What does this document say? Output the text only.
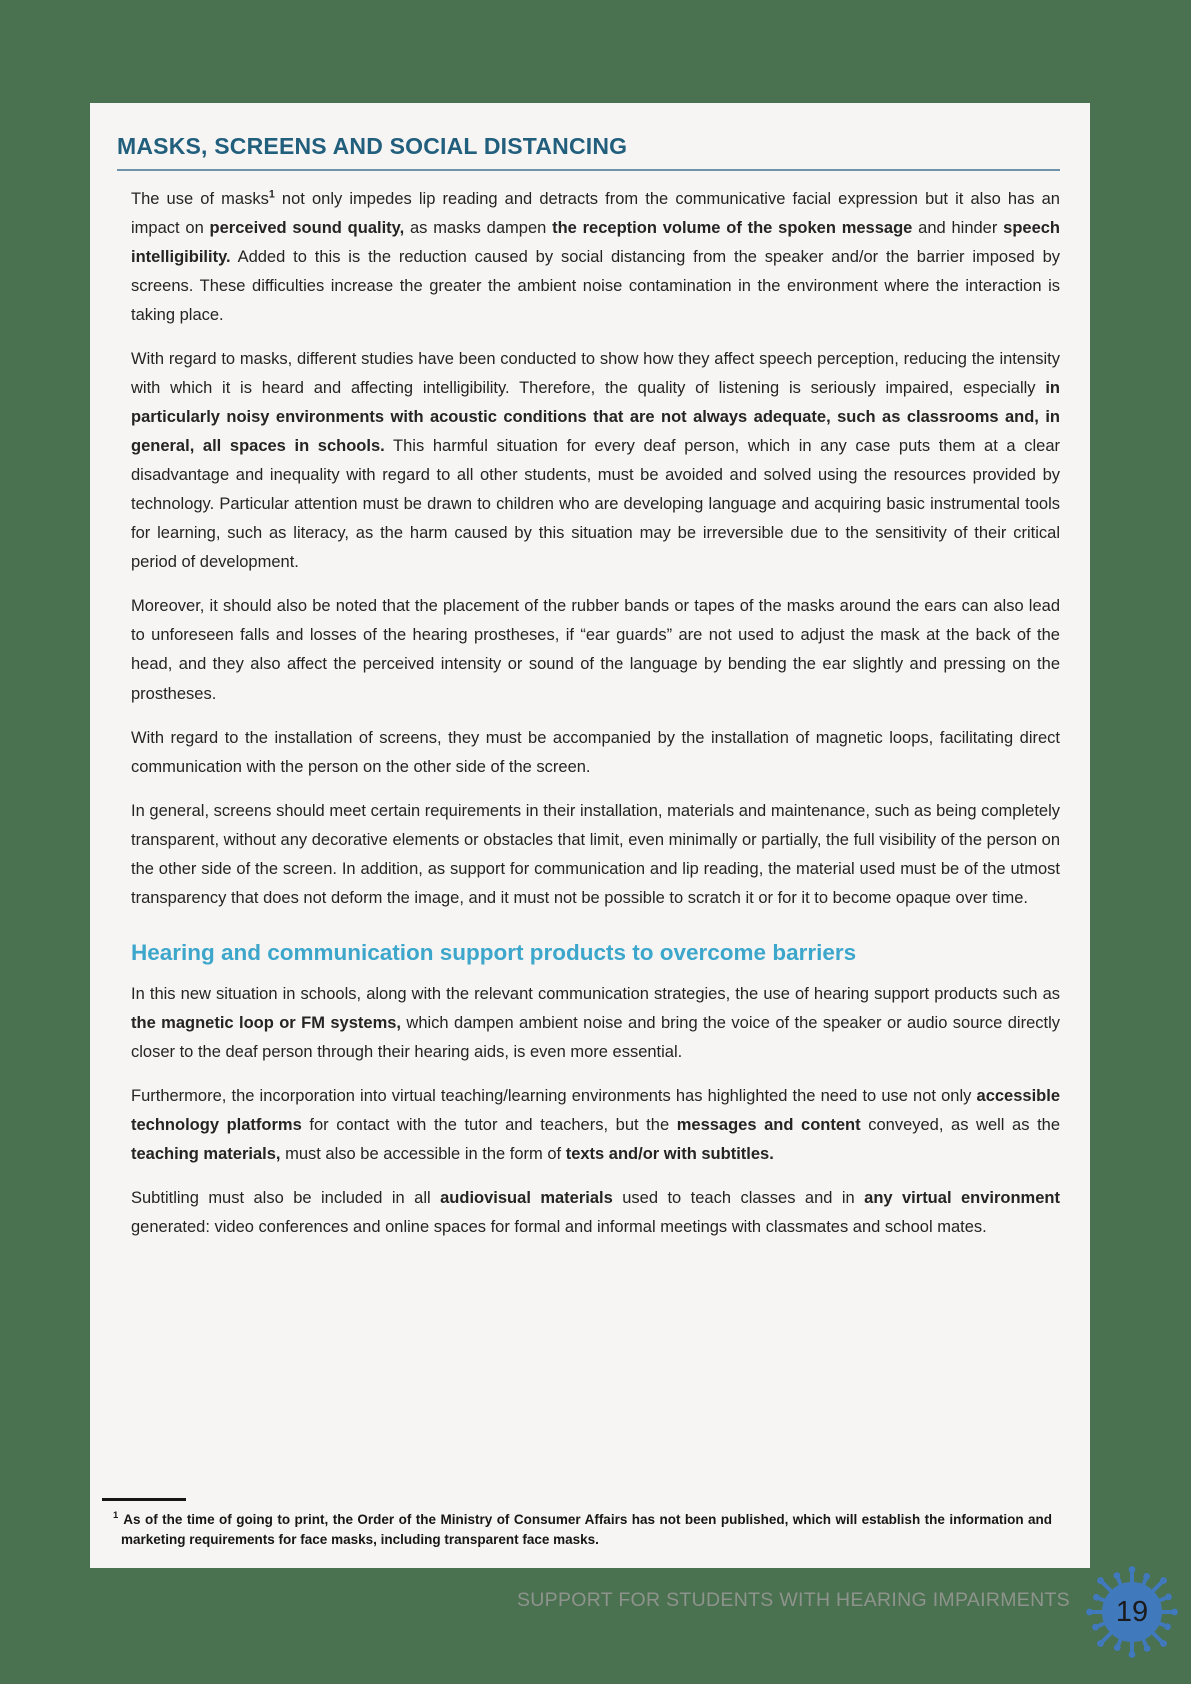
MASKS, SCREENS AND SOCIAL DISTANCING

The use of masks$^1$ not only impedes lip reading and detracts from the communicative facial expression but it also has an impact on perceived sound quality, as masks dampen the reception volume of the spoken message and hinder speech intelligibility. Added to this is the reduction caused by social distancing from the speaker and/or the barrier imposed by screens. These difficulties increase the greater the ambient noise contamination in the environment where the interaction is taking place.

With regard to masks, different studies have been conducted to show how they affect speech perception, reducing the intensity with which it is heard and affecting intelligibility. Therefore, the quality of listening is seriously impaired, especially in particularly noisy environments with acoustic conditions that are not always adequate, such as classrooms and, in general, all spaces in schools. This harmful situation for every deaf person, which in any case puts them at a clear disadvantage and inequality with regard to all other students, must be avoided and solved using the resources provided by technology. Particular attention must be drawn to children who are developing language and acquiring basic instrumental tools for learning, such as literacy, as the harm caused by this situation may be irreversible due to the sensitivity of their critical period of development.

Moreover, it should also be noted that the placement of the rubber bands or tapes of the masks around the ears can also lead to unforeseen falls and losses of the hearing prostheses, if “ear guards” are not used to adjust the mask at the back of the head, and they also affect the perceived intensity or sound of the language by bending the ear slightly and pressing on the prostheses.

With regard to the installation of screens, they must be accompanied by the installation of magnetic loops, facilitating direct communication with the person on the other side of the screen.

In general, screens should meet certain requirements in their installation, materials and maintenance, such as being completely transparent, without any decorative elements or obstacles that limit, even minimally or partially, the full visibility of the person on the other side of the screen. In addition, as support for communication and lip reading, the material used must be of the utmost transparency that does not deform the image, and it must not be possible to scratch it or for it to become opaque over time.

Hearing and communication support products to overcome barriers

In this new situation in schools, along with the relevant communication strategies, the use of hearing support products such as the magnetic loop or FM systems, which dampen ambient noise and bring the voice of the speaker or audio source directly closer to the deaf person through their hearing aids, is even more essential.

Furthermore, the incorporation into virtual teaching/learning environments has highlighted the need to use not only accessible technology platforms for contact with the tutor and teachers, but the messages and content conveyed, as well as the teaching materials, must also be accessible in the form of texts and/or with subtitles.

Subtitling must also be included in all audiovisual materials used to teach classes and in any virtual environment generated: video conferences and online spaces for formal and informal meetings with classmates and school mates.

$^1$ As of the time of going to print, the Order of the Ministry of Consumer Affairs has not been published, which will establish the information and marketing requirements for face masks, including transparent face masks.

SUPPORT FOR STUDENTS WITH HEARING IMPAIRMENTS	19
